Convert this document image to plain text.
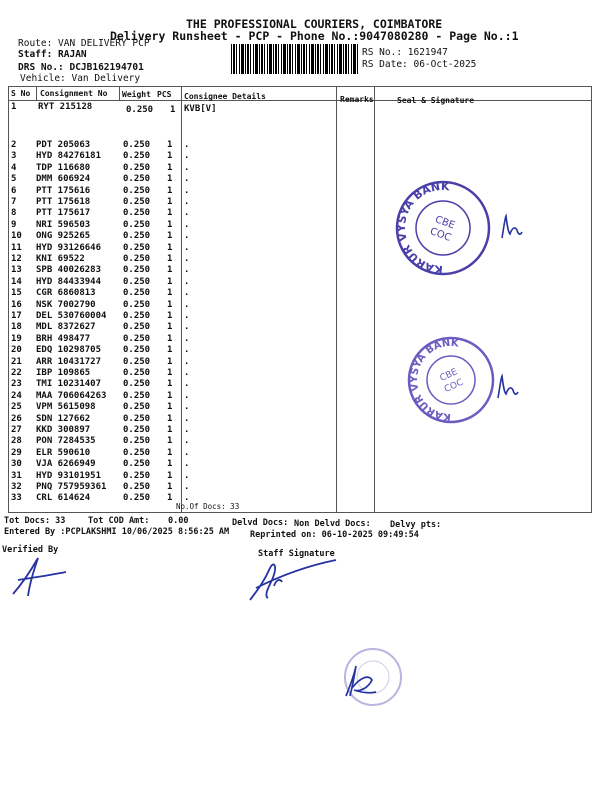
THE PROFESSIONAL COURIERS, COIMBATORE
Delivery Runsheet - PCP - Phone No.:9047080280 - Page No.:1
Route: VAN DELIVERY PCP
Staff: RAJAN
DRS No.: DCJB162194701
Vehicle: Van Delivery
RS No.: 1621947
RS Date: 06-Oct-2025
S No Consignment No Weight PCS Consignee Details	Remarks	Seal & Signature
1 RYT 215128	0.250 1 KVB[V]
2 PDT 205063	0.250 1 .
3 HYD 84276181 0.250 1 .
4 TDP 116680	0.250 1 .
5 DMM 606924	0.250 1 .
6 PTT 175616	0.250 1 .
7 PTT 175618	0.250 1 .
8 PTT 175617	0.250 1 .
9 NRI 596503	0.250 1 .
10 ONG 925265	0.250 1 .
11 HYD 93126646 0.250 1 .
12 KNI 69522	0.250 1 .
13 SPB 40026283 0.250 1 .
14 HYD 84433944 0.250 1 .
15 CGR 6860813	0.250 1 .
16 NSK 7002790	0.250 1 .
17 DEL 530760004 0.250 1 .
18 MDL 8372627	0.250 1 .
19 BRH 498477	0.250 1 .
20 EDQ 10298705 0.250 1 .
21 ARR 10431727 0.250 1 .
22 IBP 109865	0.250 1 .
23 TMI 10231407 0.250 1 .
24 MAA 706064263 0.250 1 .
25 VPM 5615098	0.250 1 .
26 SDN 127662	0.250 1 .
27 KKD 300897	0.250 1 .
28 PON 7284535	0.250 1 .
29 ELR 590610	0.250 1 .
30 VJA 6266949	0.250 1 .
31 HYD 93101951 0.250 1 .
32 PNQ 757959361 0.250 1 .
33 CRL 614624	0.250 1 .
No.Of Docs: 33
Tot Docs: 33	Tot COD Amt: 0.00	Delvd Docs: Non Delvd Docs: Delvy pts:
Entered By :PCPLAKSHMI 10/06/2025 8:56:25 AM Reprinted on: 06-10-2025 09:49:54
Verified By	Staff Signature
KARUR VYSYA BANK
CBE
COC
KARUR VYSYA BANK
CBE
COC
